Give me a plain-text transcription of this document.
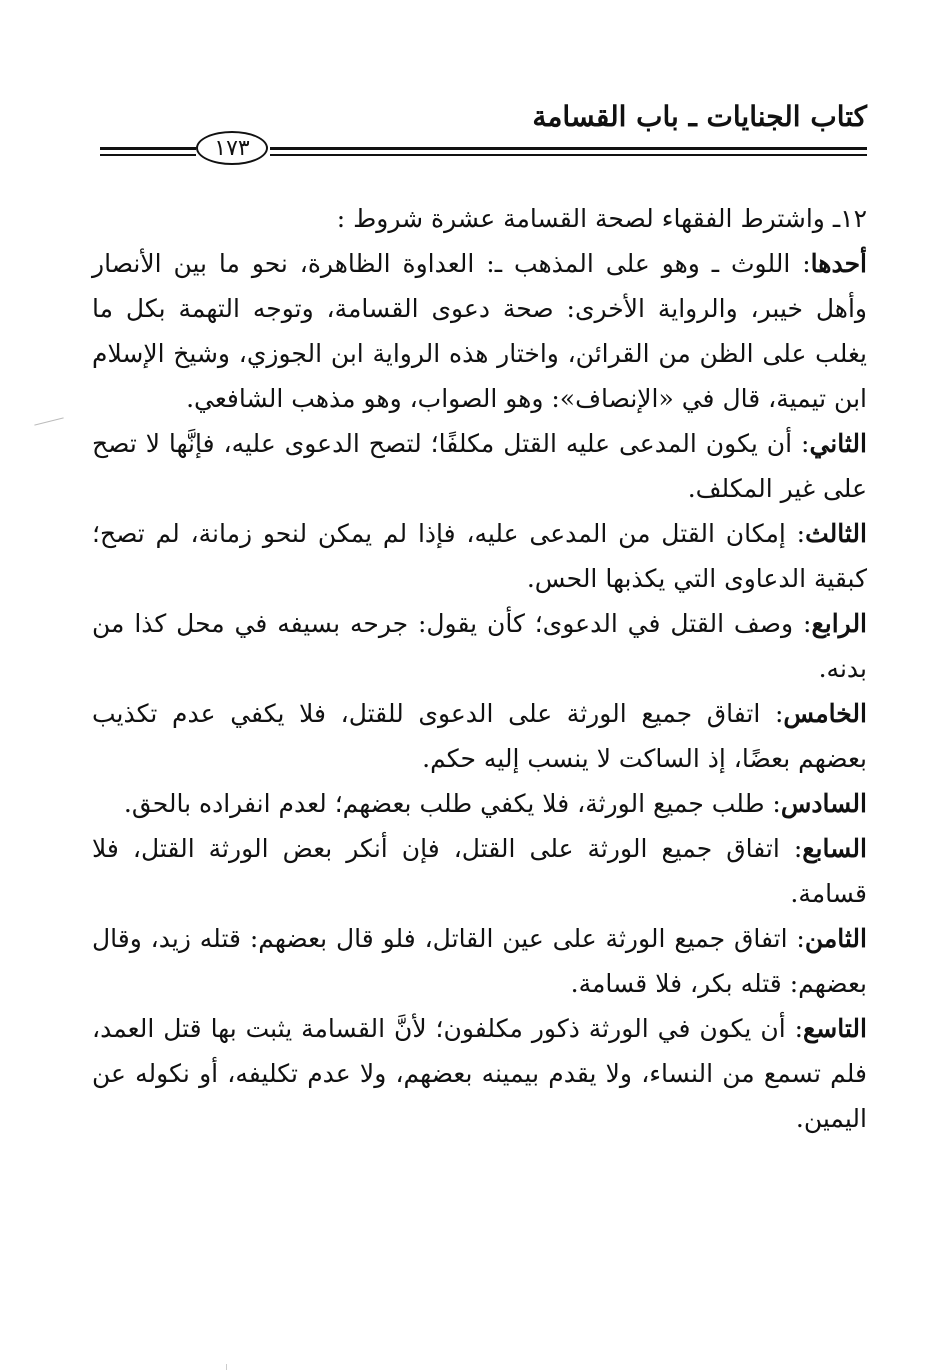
كتاب الجنايات ـ باب القسامة
١٧٣

١٢ـ واشترط الفقهاء لصحة القسامة عشرة شروط :

أحدها: اللوث ـ وهو على المذهب ـ: العداوة الظاهرة، نحو ما بين الأنصار وأهل خيبر، والرواية الأخرى: صحة دعوى القسامة، وتوجه التهمة بكل ما يغلب على الظن من القرائن، واختار هذه الرواية ابن الجوزي، وشيخ الإسلام ابن تيمية، قال في «الإنصاف»: وهو الصواب، وهو مذهب الشافعي.

الثاني: أن يكون المدعى عليه القتل مكلفًا؛ لتصح الدعوى عليه، فإنَّها لا تصح على غير المكلف.

الثالث: إمكان القتل من المدعى عليه، فإذا لم يمكن لنحو زمانة، لم تصح؛ كبقية الدعاوى التي يكذبها الحس.

الرابع: وصف القتل في الدعوى؛ كأن يقول: جرحه بسيفه في محل كذا من بدنه.

الخامس: اتفاق جميع الورثة على الدعوى للقتل، فلا يكفي عدم تكذيب بعضهم بعضًا، إذ الساكت لا ينسب إليه حكم.

السادس: طلب جميع الورثة، فلا يكفي طلب بعضهم؛ لعدم انفراده بالحق.

السابع: اتفاق جميع الورثة على القتل، فإن أنكر بعض الورثة القتل، فلا قسامة.

الثامن: اتفاق جميع الورثة على عين القاتل، فلو قال بعضهم: قتله زيد، وقال بعضهم: قتله بكر، فلا قسامة.

التاسع: أن يكون في الورثة ذكور مكلفون؛ لأنَّ القسامة يثبت بها قتل العمد، فلم تسمع من النساء، ولا يقدم بيمينه بعضهم، ولا عدم تكليفه، أو نكوله عن اليمين.
